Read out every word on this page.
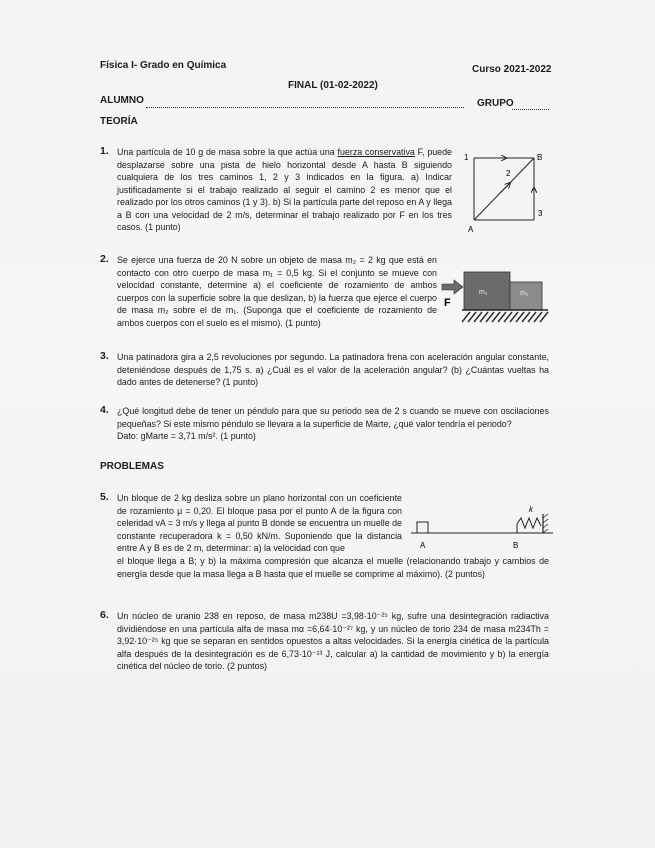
Física I- Grado en Química	Curso 2021-2022
FINAL (01-02-2022)
ALUMNO	GRUPO
TEORÍA
1. Una partícula de 10 g de masa sobre la que actúa una fuerza conservativa F, puede desplazarse sobre una pista de hielo horizontal desde A hasta B siguiendo cualquiera de los tres caminos 1, 2 y 3 indicados en la figura. a) Indicar justificadamente si el trabajo realizado al seguir el camino 2 es menor que el realizado por los otros caminos (1 y 3). b) Si la partícula parte del reposo en A y llega a B con una velocidad de 2 m/s, determinar el trabajo realizado por F en los tres casos. (1 punto)
1
2
3
A
B
2. Se ejerce una fuerza de 20 N sobre un objeto de masa m₂ = 2 kg que está en contacto con otro cuerpo de masa m₁ = 0,5 kg. Si el conjunto se mueve con velocidad constante, determine a) el coeficiente de rozamiento de ambos cuerpos con la superficie sobre la que deslizan, b) la fuerza que ejerce el cuerpo de masa m₂ sobre el de m₁. (Suponga que el coeficiente de rozamiento de ambos cuerpos con el suelo es el mismo). (1 punto)
m₂	m₁
F
3. Una patinadora gira a 2,5 revoluciones por segundo. La patinadora frena con aceleración angular constante, deteniéndose después de 1,75 s. a) ¿Cuál es el valor de la aceleración angular? (b) ¿Cuántas vueltas ha dado antes de detenerse? (1 punto)
4. ¿Qué longitud debe de tener un péndulo para que su periodo sea de 2 s cuando se mueve con oscilaciones pequeñas? Si este mismo péndulo se llevara a la superficie de Marte, ¿qué valor tendría el periodo?
Dato: gMarte = 3,71 m/s². (1 punto)
PROBLEMAS
5. Un bloque de 2 kg desliza sobre un plano horizontal con un coeficiente de rozamiento μ = 0,20. El bloque pasa por el punto A de la figura con celeridad vA = 3 m/s y llega al punto B donde se encuentra un muelle de constante recuperadora k = 0,50 kN/m. Suponiendo que la distancia entre A y B es de 2 m, determinar: a) la velocidad con que
el bloque llega a B; y b) la máxima compresión que alcanza el muelle (relacionando trabajo y cambios de energía desde que la masa llega a B hasta que el muelle se comprime al máximo). (2 puntos)
k
A	B
6. Un núcleo de uranio 238 en reposo, de masa m238U =3,98·10⁻²⁵ kg, sufre una desintegración radiactiva dividiéndose en una partícula alfa de masa mα =6,64·10⁻²⁷ kg, y un núcleo de torio 234 de masa m234Th = 3,92·10⁻²⁵ kg que se separan en sentidos opuestos a altas velocidades. Si la energía cinética de la partícula alfa después de la desintegración es de 6,73·10⁻¹³ J, calcular a) la cantidad de movimiento y b) la energía cinética del núcleo de torio. (2 puntos)
